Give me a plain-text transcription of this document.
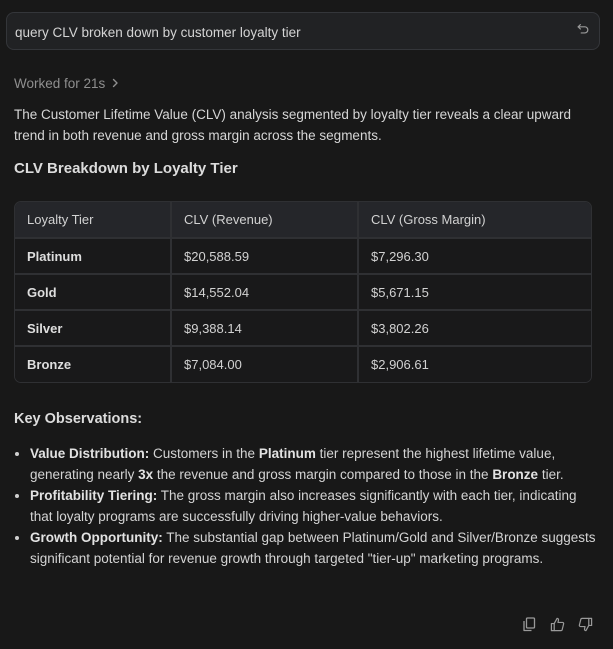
query CLV broken down by customer loyalty tier
Worked for 21s

The Customer Lifetime Value (CLV) analysis segmented by loyalty tier reveals a clear upward trend in both revenue and gross margin across the segments.

CLV Breakdown by Loyalty Tier
Loyalty Tier	CLV (Revenue)	CLV (Gross Margin)
Platinum	$20,588.59	$7,296.30
Gold	$14,552.04	$5,671.15
Silver	$9,388.14	$3,802.26
Bronze	$7,084.00	$2,906.61
Key Observations:
Value Distribution: Customers in the Platinum tier represent the highest lifetime value, generating nearly 3x the revenue and gross margin compared to those in the Bronze tier.
Profitability Tiering: The gross margin also increases significantly with each tier, indicating that loyalty programs are successfully driving higher-value behaviors.
Growth Opportunity: The substantial gap between Platinum/Gold and Silver/Bronze suggests significant potential for revenue growth through targeted "tier-up" marketing programs.
